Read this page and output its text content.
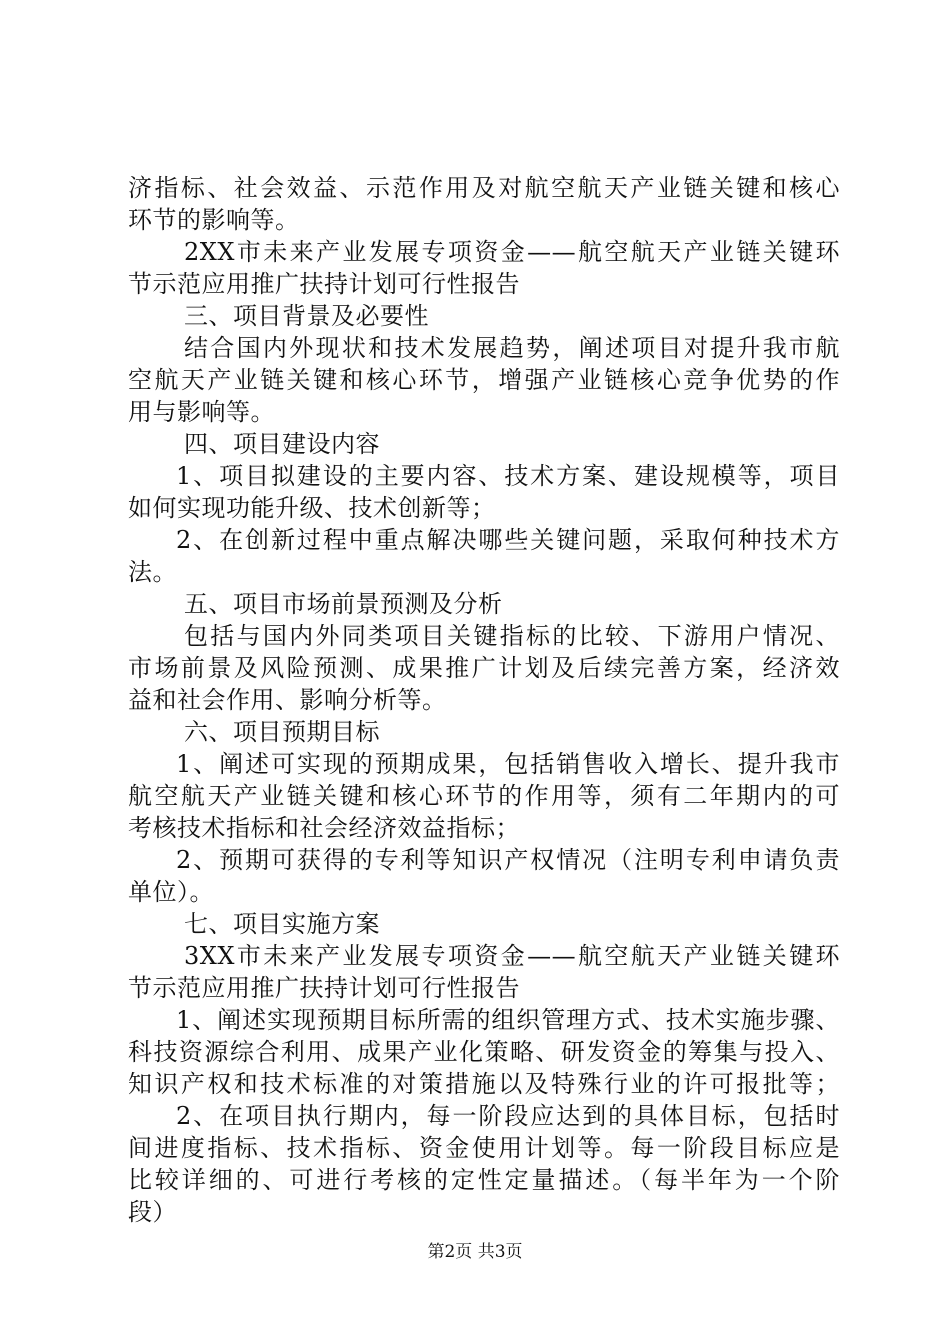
济指标、社会效益、示范作用及对航空航天产业链关键和核心
环节的影响等。
2XX市未来产业发展专项资金——航空航天产业链关键环
节示范应用推广扶持计划可行性报告
三、项目背景及必要性
结合国内外现状和技术发展趋势，阐述项目对提升我市航
空航天产业链关键和核心环节，增强产业链核心竞争优势的作
用与影响等。
四、项目建设内容
1、项目拟建设的主要内容、技术方案、建设规模等，项目
如何实现功能升级、技术创新等；
2、在创新过程中重点解决哪些关键问题，采取何种技术方
法。
五、项目市场前景预测及分析
包括与国内外同类项目关键指标的比较、下游用户情况、
市场前景及风险预测、成果推广计划及后续完善方案，经济效
益和社会作用、影响分析等。
六、项目预期目标
1、阐述可实现的预期成果，包括销售收入增长、提升我市
航空航天产业链关键和核心环节的作用等，须有二年期内的可
考核技术指标和社会经济效益指标；
2、预期可获得的专利等知识产权情况（注明专利申请负责
单位）。
七、项目实施方案
3XX市未来产业发展专项资金——航空航天产业链关键环
节示范应用推广扶持计划可行性报告
1、阐述实现预期目标所需的组织管理方式、技术实施步骤、
科技资源综合利用、成果产业化策略、研发资金的筹集与投入、
知识产权和技术标准的对策措施以及特殊行业的许可报批等；
2、在项目执行期内，每一阶段应达到的具体目标，包括时
间进度指标、技术指标、资金使用计划等。每一阶段目标应是
比较详细的、可进行考核的定性定量描述。（每半年为一个阶
段）
第2页 共3页
